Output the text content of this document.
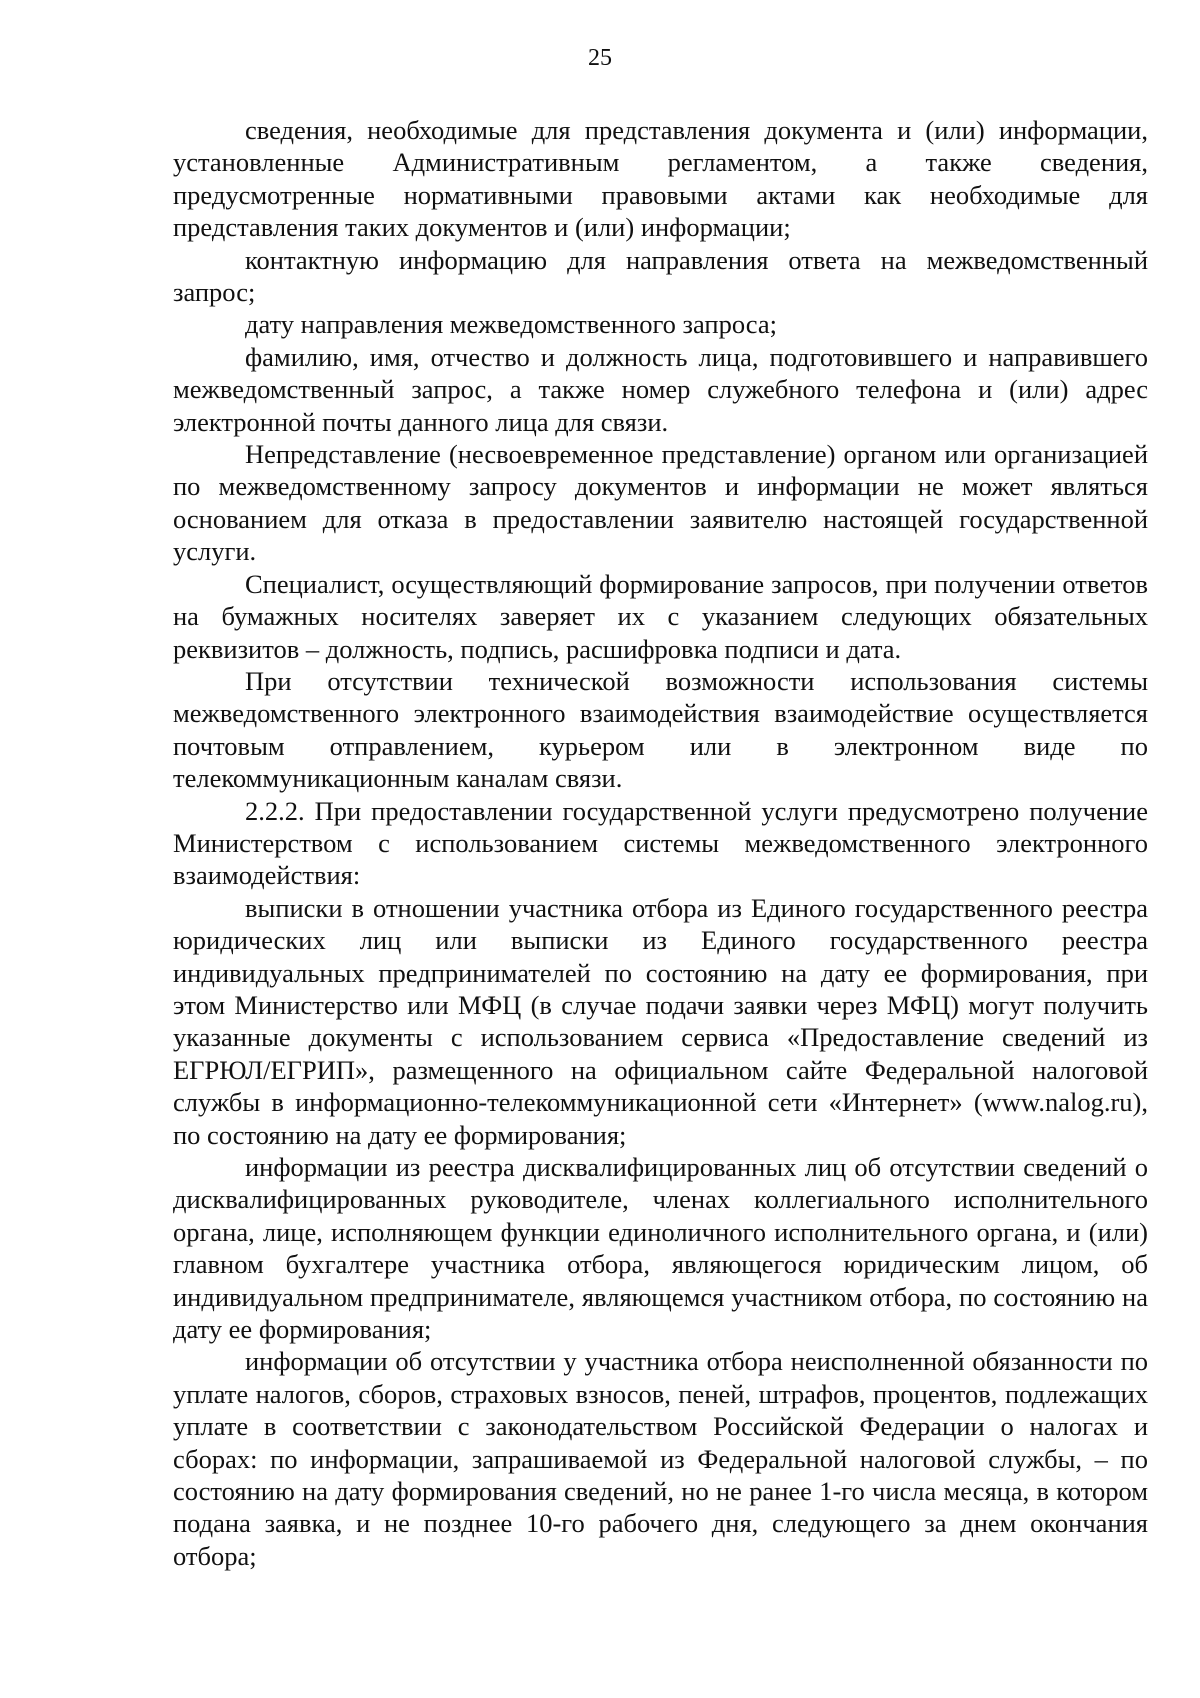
25

сведения, необходимые для представления документа и (или) информации, установленные Административным регламентом, а также сведения, предусмотренные нормативными правовыми актами как необходимые для представления таких документов и (или) информации;

контактную информацию для направления ответа на межведомственный запрос;

дату направления межведомственного запроса;

фамилию, имя, отчество и должность лица, подготовившего и направившего межведомственный запрос, а также номер служебного телефона и (или) адрес электронной почты данного лица для связи.

Непредставление (несвоевременное представление) органом или организацией по межведомственному запросу документов и информации не может являться основанием для отказа в предоставлении заявителю настоящей государственной услуги.

Специалист, осуществляющий формирование запросов, при получении ответов на бумажных носителях заверяет их с указанием следующих обязательных реквизитов – должность, подпись, расшифровка подписи и дата.

При отсутствии технической возможности использования системы межведомственного электронного взаимодействия взаимодействие осуществляется почтовым отправлением, курьером или в электронном виде по телекоммуникационным каналам связи.

2.2.2. При предоставлении государственной услуги предусмотрено получение Министерством с использованием системы межведомственного электронного взаимодействия:

выписки в отношении участника отбора из Единого государственного реестра юридических лиц или выписки из Единого государственного реестра индивидуальных предпринимателей по состоянию на дату ее формирования, при этом Министерство или МФЦ (в случае подачи заявки через МФЦ) могут получить указанные документы с использованием сервиса «Предоставление сведений из ЕГРЮЛ/ЕГРИП», размещенного на официальном сайте Федеральной налоговой службы в информационно-телекоммуникационной сети «Интернет» (www.nalog.ru), по состоянию на дату ее формирования;

информации из реестра дисквалифицированных лиц об отсутствии сведений о дисквалифицированных руководителе, членах коллегиального исполнительного органа, лице, исполняющем функции единоличного исполнительного органа, и (или) главном бухгалтере участника отбора, являющегося юридическим лицом, об индивидуальном предпринимателе, являющемся участником отбора, по состоянию на дату ее формирования;

информации об отсутствии у участника отбора неисполненной обязанности по уплате налогов, сборов, страховых взносов, пеней, штрафов, процентов, подлежащих уплате в соответствии с законодательством Российской Федерации о налогах и сборах: по информации, запрашиваемой из Федеральной налоговой службы, – по состоянию на дату формирования сведений, но не ранее 1-го числа месяца, в котором подана заявка, и не позднее 10-го рабочего дня, следующего за днем окончания отбора;
